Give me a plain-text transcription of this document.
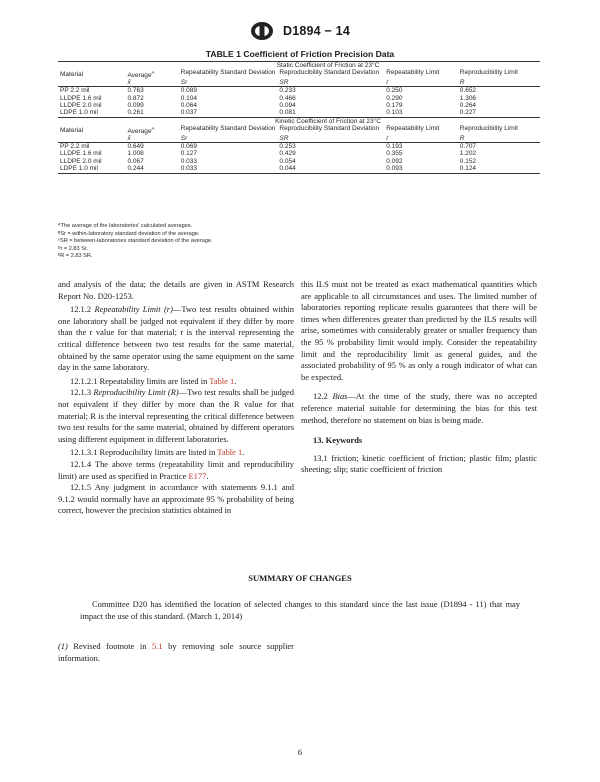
D1894 − 14
TABLE 1 Coefficient of Friction Precision Data
Static Coefficient of Friction at 23°C					
Material	Average$^A$	Repeatability Standard Deviation	Reproducibility Standard Deviation	Repeatability Limit	Reproducibility Limit
	x̄	Sr	SR	r	R
PP 2.2 mil	0.763	0.089	0.233	0.250	0.652
LLDPE 1.6 mil	0.872	0.104	0.466	0.290	1.306
LLDPE 2.0 mil	0.099	0.064	0.094	0.179	0.264
LDPE 1.0 mil	0.261	0.037	0.081	0.103	0.227
Kinetic Coefficient of Friction at 23°C					
Material	Average$^A$	Repeatability Standard Deviation	Reproducibility Standard Deviation	Repeatability Limit	Reproducibility Limit
	x̄	Sr	SR	r	R
PP 2.2 mil	0.649	0.069	0.253	0.193	0.707
LLDPE 1.6 mil	1.008	0.127	0.429	0.355	1.202
LLDPE 2.0 mil	0.067	0.033	0.054	0.092	0.152
LDPE 1.0 mil	0.244	0.033	0.044	0.093	0.124
ᴬThe average of the laboratories' calculated averages.
ᴮSr = within-laboratory standard deviation of the average.
ᶜSR = between-laboratories standard deviation of the average.
ᴰr = 2.83 Sr.
ᴱR = 2.83 SR.

and analysis of the data; the details are given in ASTM Research Report No. D20-1253.

12.1.2 Repeatability Limit (r)—Two test results obtained within one laboratory shall be judged not equivalent if they differ by more than the r value for that material; r is the interval representing the critical difference between two test results for the same material, obtained by the same operator using the same equipment on the same day in the same laboratory.

12.1.2.1 Repeatability limits are listed in Table 1.

12.1.3 Reproducibility Limit (R)—Two test results shall be judged not equivalent if they differ by more than the R value for that material; R is the interval representing the critical difference between two test results for the same material, obtained by different operators using different equipment in different laboratories.

12.1.3.1 Reproducibility limits are listed in Table 1.

12.1.4 The above terms (repeatability limit and reproducibility limit) are used as specified in Practice E177.

12.1.5 Any judgment in accordance with statements 9.1.1 and 9.1.2 would normally have an approximate 95 % probability of being correct, however the precision statistics obtained in

this ILS must not be treated as exact mathematical quantities which are applicable to all circumstances and uses. The limited number of laboratories reporting replicate results guarantees that there will be times when differences greater than predicted by the ILS results will arise, sometimes with considerably greater or smaller frequency than the 95 % probability limit would imply. Consider the repeatability limit and the reproducibility limit as general guides, and the associated probability of 95 % as only a rough indicator of what can be expected.

12.2 Bias—At the time of the study, there was no accepted reference material suitable for determining the bias for this test method, therefore no statement on bias is being made.

13. Keywords

13.1 friction; kinetic coefficient of friction; plastic film; plastic sheeting; slip; static coefficient of friction

SUMMARY OF CHANGES
Committee D20 has identified the location of selected changes to this standard since the last issue (D1894 - 11) that may impact the use of this standard. (March 1, 2014)
(1) Revised footnote in 5.1 by removing sole source supplier information.
6
